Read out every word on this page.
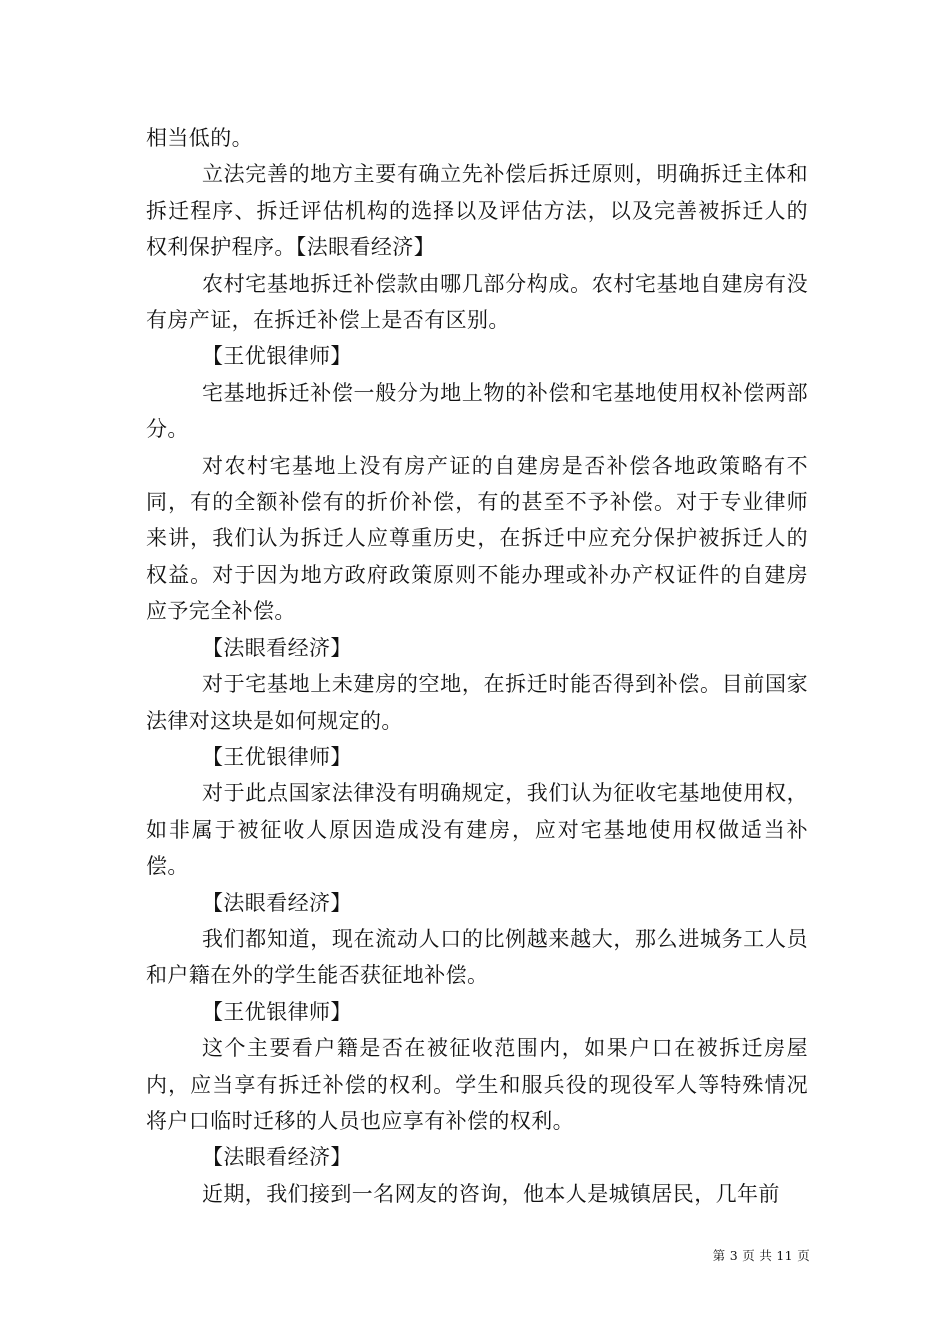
相当低的。

立法完善的地方主要有确立先补偿后拆迁原则，明确拆迁主体和拆迁程序、拆迁评估机构的选择以及评估方法，以及完善被拆迁人的权利保护程序。【法眼看经济】

农村宅基地拆迁补偿款由哪几部分构成。农村宅基地自建房有没有房产证，在拆迁补偿上是否有区别。

【王优银律师】

宅基地拆迁补偿一般分为地上物的补偿和宅基地使用权补偿两部分。

对农村宅基地上没有房产证的自建房是否补偿各地政策略有不同，有的全额补偿有的折价补偿，有的甚至不予补偿。对于专业律师来讲，我们认为拆迁人应尊重历史，在拆迁中应充分保护被拆迁人的权益。对于因为地方政府政策原则不能办理或补办产权证件的自建房应予完全补偿。

【法眼看经济】

对于宅基地上未建房的空地，在拆迁时能否得到补偿。目前国家法律对这块是如何规定的。

【王优银律师】

对于此点国家法律没有明确规定，我们认为征收宅基地使用权，如非属于被征收人原因造成没有建房，应对宅基地使用权做适当补偿。

【法眼看经济】

我们都知道，现在流动人口的比例越来越大，那么进城务工人员和户籍在外的学生能否获征地补偿。

【王优银律师】

这个主要看户籍是否在被征收范围内，如果户口在被拆迁房屋内，应当享有拆迁补偿的权利。学生和服兵役的现役军人等特殊情况将户口临时迁移的人员也应享有补偿的权利。

【法眼看经济】

近期，我们接到一名网友的咨询，他本人是城镇居民，几年前

第 3 页 共 11 页
